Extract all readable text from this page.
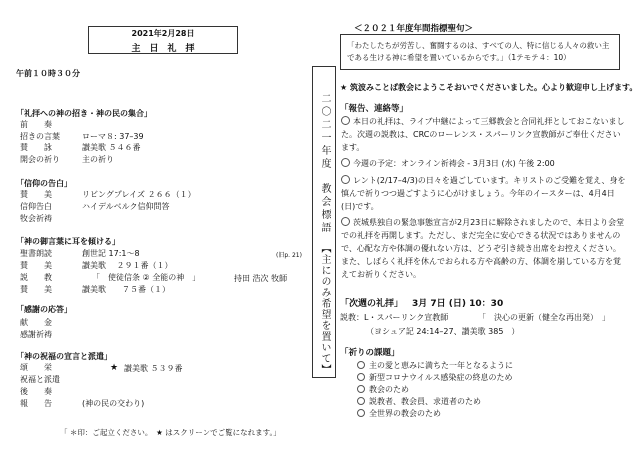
2021年2月28日
主　日　礼　拝
午前１０時３０分
「礼拝への神の招き・神の民の集合」
前　　奏
招きの言葉	ローマ８: 37–39
賛　　詠	讃美歌 ５４６番
開会の祈り	主の祈り
「信仰の告白」
賛　　美	リビングプレイズ ２６６（１）
信仰告白	ハイデルベルク信仰問答
牧会祈祷
「神の御言葉に耳を傾ける」
聖書朗読	創世記 17:1～8	(旧p. 21)
賛　　美	讃美歌　 ２９１番（１）
説　　教	「　使徒信条 ② 全能の神　」	持田 浩次 牧師
賛　　美	讃美歌　　７５番（１）
「感謝の応答」
献　　金
感謝祈祷
「神の祝福の宣言と派遣」
頌　　栄	★ 讃美歌 ５３９番
祝福と派遣
後　　奏
報　　告	(神の民の交わり)
「 ＊印：ご起立ください。　★ はスクリーンでご覧になれます。」
二〇二一年度
教会標語
【主にのみ希望を置いて】
＜２０２１年度年間指標聖句＞
「わたしたちが労苦し、奮闘するのは、すべての人、特に信じる人々の救い主である生ける神に希望を置いているからです。」（1テモテ４：10）
★ 筑波みことば教会にようこそおいでくださいました。心より歓迎申し上げます。
「報告、連絡等」
本日の礼拝は、ライブ中継によって三郷教会と合同礼拝としておこないました。次週の説教は、CRCのローレンス・スパーリンク宣教師がご奉仕くださいます。
今週の予定：オンライン祈祷会 - 3月3日 (水) 午後 2:00
レント(2/17–4/3)の日々を過ごしています。キリストのご受難を覚え、身を慎んで祈りつつ過ごすように心がけましょう。今年のイースターは、4月4日(日)です。
茨城県独自の緊急事態宣言が2月23日に解除されましたので、本日より会堂での礼拝を再開します。ただし、まだ完全に安心できる状況ではありませんので、心配な方や体調の優れない方は、どうぞ引き続き出席をお控えください。また、しばらく礼拝を休んでおられる方や高齢の方、体調を崩している方を覚えてお祈りください。
「次週の礼拝」 3月 7日 (日) 10：30
説教：L・スパーリンク宣教師	「　決心の更新（健全な再出発）　」
（ヨシュア記 24:14–27、讃美歌 385　）
「祈りの課題」
主の愛と恵みに満ちた一年となるように
新型コロナウイルス感染症の終息のため
教会のため
説教者、教会員、求道者のため
全世界の教会のため
